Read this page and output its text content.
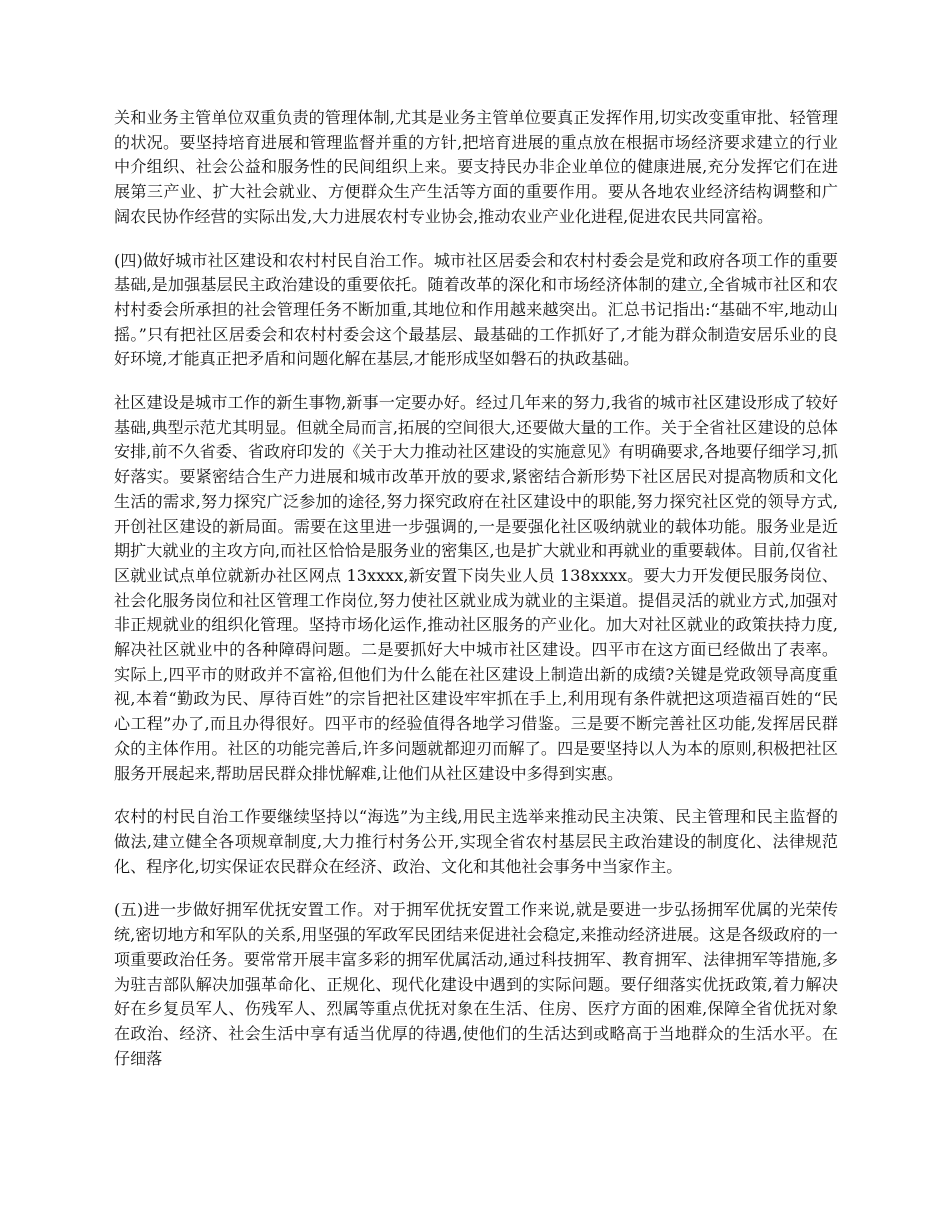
关和业务主管单位双重负责的管理体制,尤其是业务主管单位要真正发挥作用,切实改变重审批、轻管理的状况。要坚持培育进展和管理监督并重的方针,把培育进展的重点放在根据市场经济要求建立的行业中介组织、社会公益和服务性的民间组织上来。要支持民办非企业单位的健康进展,充分发挥它们在进展第三产业、扩大社会就业、方便群众生产生活等方面的重要作用。要从各地农业经济结构调整和广阔农民协作经营的实际出发,大力进展农村专业协会,推动农业产业化进程,促进农民共同富裕。

(四)做好城市社区建设和农村村民自治工作。城市社区居委会和农村村委会是党和政府各项工作的重要基础,是加强基层民主政治建设的重要依托。随着改革的深化和市场经济体制的建立,全省城市社区和农村村委会所承担的社会管理任务不断加重,其地位和作用越来越突出。汇总书记指出:“基础不牢,地动山摇。”只有把社区居委会和农村村委会这个最基层、最基础的工作抓好了,才能为群众制造安居乐业的良好环境,才能真正把矛盾和问题化解在基层,才能形成坚如磐石的执政基础。

社区建设是城市工作的新生事物,新事一定要办好。经过几年来的努力,我省的城市社区建设形成了较好基础,典型示范尤其明显。但就全局而言,拓展的空间很大,还要做大量的工作。关于全省社区建设的总体安排,前不久省委、省政府印发的《关于大力推动社区建设的实施意见》有明确要求,各地要仔细学习,抓好落实。要紧密结合生产力进展和城市改革开放的要求,紧密结合新形势下社区居民对提高物质和文化生活的需求,努力探究广泛参加的途径,努力探究政府在社区建设中的职能,努力探究社区党的领导方式,开创社区建设的新局面。需要在这里进一步强调的,一是要强化社区吸纳就业的载体功能。服务业是近期扩大就业的主攻方向,而社区恰恰是服务业的密集区,也是扩大就业和再就业的重要载体。目前,仅省社区就业试点单位就新办社区网点 13xxxx,新安置下岗失业人员 138xxxx。要大力开发便民服务岗位、社会化服务岗位和社区管理工作岗位,努力使社区就业成为就业的主渠道。提倡灵活的就业方式,加强对非正规就业的组织化管理。坚持市场化运作,推动社区服务的产业化。加大对社区就业的政策扶持力度,解决社区就业中的各种障碍问题。二是要抓好大中城市社区建设。四平市在这方面已经做出了表率。实际上,四平市的财政并不富裕,但他们为什么能在社区建设上制造出新的成绩?关键是党政领导高度重视,本着“勤政为民、厚待百姓”的宗旨把社区建设牢牢抓在手上,利用现有条件就把这项造福百姓的“民心工程”办了,而且办得很好。四平市的经验值得各地学习借鉴。三是要不断完善社区功能,发挥居民群众的主体作用。社区的功能完善后,许多问题就都迎刃而解了。四是要坚持以人为本的原则,积极把社区服务开展起来,帮助居民群众排忧解难,让他们从社区建设中多得到实惠。

农村的村民自治工作要继续坚持以“海选”为主线,用民主选举来推动民主决策、民主管理和民主监督的做法,建立健全各项规章制度,大力推行村务公开,实现全省农村基层民主政治建设的制度化、法律规范化、程序化,切实保证农民群众在经济、政治、文化和其他社会事务中当家作主。

(五)进一步做好拥军优抚安置工作。对于拥军优抚安置工作来说,就是要进一步弘扬拥军优属的光荣传统,密切地方和军队的关系,用坚强的军政军民团结来促进社会稳定,来推动经济进展。这是各级政府的一项重要政治任务。要常常开展丰富多彩的拥军优属活动,通过科技拥军、教育拥军、法律拥军等措施,多为驻吉部队解决加强革命化、正规化、现代化建设中遇到的实际问题。要仔细落实优抚政策,着力解决好在乡复员军人、伤残军人、烈属等重点优抚对象在生活、住房、医疗方面的困难,保障全省优抚对象在政治、经济、社会生活中享有适当优厚的待遇,使他们的生活达到或略高于当地群众的生活水平。在仔细落
